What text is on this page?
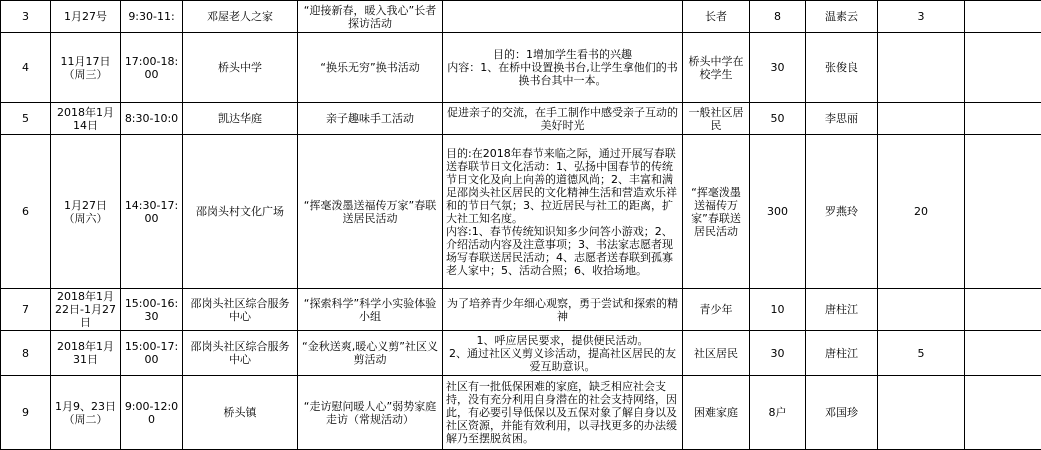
3	1月27号	9:30-11:	邓屋老人之家	“迎接新春，暖入我心”长者探访活动		长者	8	温素云	3	
4	11月17日（周三）	17:00-18:00	桥头中学	“换乐无穷”换书活动	目的：1增加学生看书的兴趣
内容：1、在桥中设置换书台,让学生拿他们的书换书台其中一本。	桥头中学在校学生	30	张俊良		
5	2018年1月14日	8:30-10:0	凯达华庭	亲子趣味手工活动	促进亲子的交流，在手工制作中感受亲子互动的美好时光	一般社区居民	50	李思丽		
6	1月27日（周六）	14:30-17:00	邵岗头村文化广场	“挥毫泼墨送福传万家”春联送居民活动	目的:在2018年春节来临之际，通过开展写春联送春联节日文化活动：1、弘扬中国春节的传统节日文化及向上向善的道德风尚；2、丰富和满足邵岗头社区居民的文化精神生活和营造欢乐祥和的节日气氛；3、拉近居民与社工的距离，扩大社工知名度。
内容:1、春节传统知识知多少问答小游戏；2、介绍活动内容及注意事项；3、书法家志愿者现场写春联送居民活动；4、志愿者送春联到孤寡老人家中；5、活动合照；6、收拾场地。	“挥毫泼墨送福传万家”春联送居民活动	300	罗燕玲	20	
7	2018年1月22日-1月27日	15:00-16:30	邵岗头社区综合服务中心	“探索科学”科学小实验体验小组	为了培养青少年细心观察，勇于尝试和探索的精神	青少年	10	唐柱江		
8	2018年1月31日	15:00-17:00	邵岗头社区综合服务中心	“金秋送爽,暖心义剪”社区义剪活动	1、呼应居民要求，提供便民活动。
2、通过社区义剪义诊活动，提高社区居民的友爱互助意识。	社区居民	30	唐柱江	5	
9	1月9、23日（周二）	9:00-12:00	桥头镇	“走访慰问暖人心”弱势家庭走访（常规活动）	社区有一批低保困难的家庭，缺乏相应社会支持，没有充分利用自身潜在的社会支持网络，因此，有必要引导低保以及五保对象了解自身以及社区资源，并能有效利用，以寻找更多的办法缓解乃至摆脱贫困。	困难家庭	8户	邓国珍		
